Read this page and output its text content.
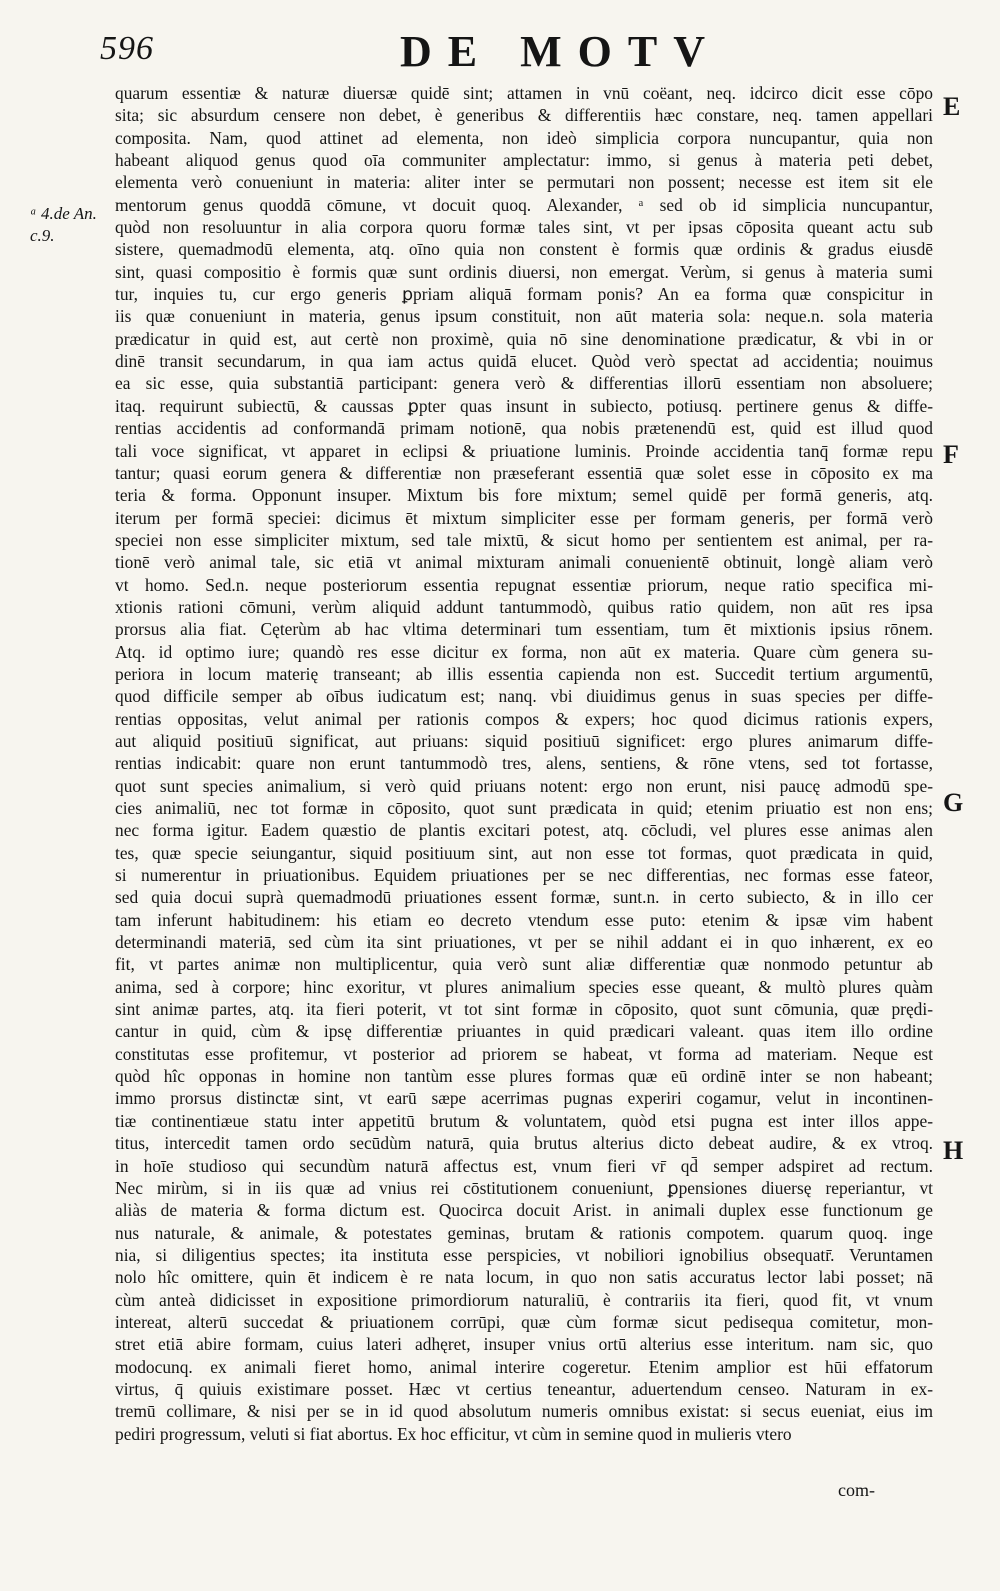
596	DE MOTV
ᵃ 4.de An.
c.9.
E
F
G
H
quarum essentiæ & naturæ diuersæ quidē sint; attamen in vnū coëant, neq. idcirco dicit esse cōpo
sita; sic absurdum censere non debet, è generibus & differentiis hæc constare, neq. tamen appellari
composita. Nam, quod attinet ad elementa, non ideò simplicia corpora nuncupantur, quia non
habeant aliquod genus quod oīa communiter amplectatur: immo, si genus à materia peti debet,
elementa verò conueniunt in materia: aliter inter se permutari non possent; necesse est item sit ele
mentorum genus quoddā cōmune, vt docuit quoq. Alexander, ᵃ sed ob id simplicia nuncupantur,
quòd non resoluuntur in alia corpora quoru formæ tales sint, vt per ipsas cōposita queant actu sub
sistere, quemadmodū elementa, atq. oīno quia non constent è formis quæ ordinis & gradus eiusdē
sint, quasi compositio è formis quæ sunt ordinis diuersi, non emergat. Verùm, si genus à materia sumi
tur, inquies tu, cur ergo generis ꝑpriam aliquā formam ponis? An ea forma quæ conspicitur in
iis quæ conueniunt in materia, genus ipsum constituit, non aūt materia sola: neque.n. sola materia
prædicatur in quid est, aut certè non proximè, quia nō sine denominatione prædicatur, & vbi in or
dinē transit secundarum, in qua iam actus quidā elucet. Quòd verò spectat ad accidentia; nouimus
ea sic esse, quia substantiā participant: genera verò & differentias illorū essentiam non absoluere;
itaq. requirunt subiectū, & caussas ꝑpter quas insunt in subiecto, potiusq. pertinere genus & diffe-
rentias accidentis ad conformandā primam notionē, qua nobis prætenendū est, quid est illud quod
tali voce significat, vt apparet in eclipsi & priuatione luminis. Proinde accidentia tanq̄ formæ repu
tantur; quasi eorum genera & differentiæ non præseferant essentiā quæ solet esse in cōposito ex ma
teria & forma. Opponunt insuper. Mixtum bis fore mixtum; semel quidē per formā generis, atq.
iterum per formā speciei: dicimus ēt mixtum simpliciter esse per formam generis, per formā verò
speciei non esse simpliciter mixtum, sed tale mixtū, & sicut homo per sentientem est animal, per ra-
tionē verò animal tale, sic etiā vt animal mixturam animali conuenientē obtinuit, longè aliam verò
vt homo. Sed.n. neque posteriorum essentia repugnat essentiæ priorum, neque ratio specifica mi-
xtionis rationi cōmuni, verùm aliquid addunt tantummodò, quibus ratio quidem, non aūt res ipsa
prorsus alia fiat. Cęterùm ab hac vltima determinari tum essentiam, tum ēt mixtionis ipsius rōnem.
Atq. id optimo iure; quandò res esse dicitur ex forma, non aūt ex materia. Quare cùm genera su-
periora in locum materię transeant; ab illis essentia capienda non est. Succedit tertium argumentū,
quod difficile semper ab oībus iudicatum est; nanq. vbi diuidimus genus in suas species per diffe-
rentias oppositas, velut animal per rationis compos & expers; hoc quod dicimus rationis expers,
aut aliquid positiuū significat, aut priuans: siquid positiuū significet: ergo plures animarum diffe-
rentias indicabit: quare non erunt tantummodò tres, alens, sentiens, & rōne vtens, sed tot fortasse,
quot sunt species animalium, si verò quid priuans notent: ergo non erunt, nisi paucę admodū spe-
cies animaliū, nec tot formæ in cōposito, quot sunt prædicata in quid; etenim priuatio est non ens;
nec forma igitur. Eadem quæstio de plantis excitari potest, atq. cōcludi, vel plures esse animas alen
tes, quæ specie seiungantur, siquid positiuum sint, aut non esse tot formas, quot prædicata in quid,
si numerentur in priuationibus. Equidem priuationes per se nec differentias, nec formas esse fateor,
sed quia docui suprà quemadmodū priuationes essent formæ, sunt.n. in certo subiecto, & in illo cer
tam inferunt habitudinem: his etiam eo decreto vtendum esse puto: etenim & ipsæ vim habent
determinandi materiā, sed cùm ita sint priuationes, vt per se nihil addant ei in quo inhærent, ex eo
fit, vt partes animæ non multiplicentur, quia verò sunt aliæ differentiæ quæ nonmodo petuntur ab
anima, sed à corpore; hinc exoritur, vt plures animalium species esse queant, & multò plures quàm
sint animæ partes, atq. ita fieri poterit, vt tot sint formæ in cōposito, quot sunt cōmunia, quæ prędi-
cantur in quid, cùm & ipsę differentiæ priuantes in quid prædicari valeant. quas item illo ordine
constitutas esse profitemur, vt posterior ad priorem se habeat, vt forma ad materiam. Neque est
quòd hîc opponas in homine non tantùm esse plures formas quæ eū ordinē inter se non habeant;
immo prorsus distinctæ sint, vt earū sæpe acerrimas pugnas experiri cogamur, velut in incontinen-
tiæ continentiæue statu inter appetitū brutum & voluntatem, quòd etsi pugna est inter illos appe-
titus, intercedit tamen ordo secūdùm naturā, quia brutus alterius dicto debeat audire, & ex vtroq.
in hoīe studioso qui secundùm naturā affectus est, vnum fieri vr̄ qd̄ semper adspiret ad rectum.
Nec mirùm, si in iis quæ ad vnius rei cōstitutionem conueniunt, ꝑpensiones diuersę reperiantur, vt
aliàs de materia & forma dictum est. Quocirca docuit Arist. in animali duplex esse functionum ge
nus naturale, & animale, & potestates geminas, brutam & rationis compotem. quarum quoq. inge
nia, si diligentius spectes; ita instituta esse perspicies, vt nobiliori ignobilius obsequatr̄. Veruntamen
nolo hîc omittere, quin ēt indicem è re nata locum, in quo non satis accuratus lector labi posset; nā
cùm anteà didicisset in expositione primordiorum naturaliū, è contrariis ita fieri, quod fit, vt vnum
intereat, alterū succedat & priuationem corrūpi, quæ cùm formæ sicut pedisequa comitetur, mon-
stret etiā abire formam, cuius lateri adhęret, insuper vnius ortū alterius esse interitum. nam sic, quo
modocunq. ex animali fieret homo, animal interire cogeretur. Etenim amplior est hūi effatorum
virtus, q̄ quiuis existimare posset. Hæc vt certius teneantur, aduertendum censeo. Naturam in ex-
tremū collimare, & nisi per se in id quod absolutum numeris omnibus existat: si secus eueniat, eius im
pediri progressum, veluti si fiat abortus. Ex hoc efficitur, vt cùm in semine quod in mulieris vtero
com-
